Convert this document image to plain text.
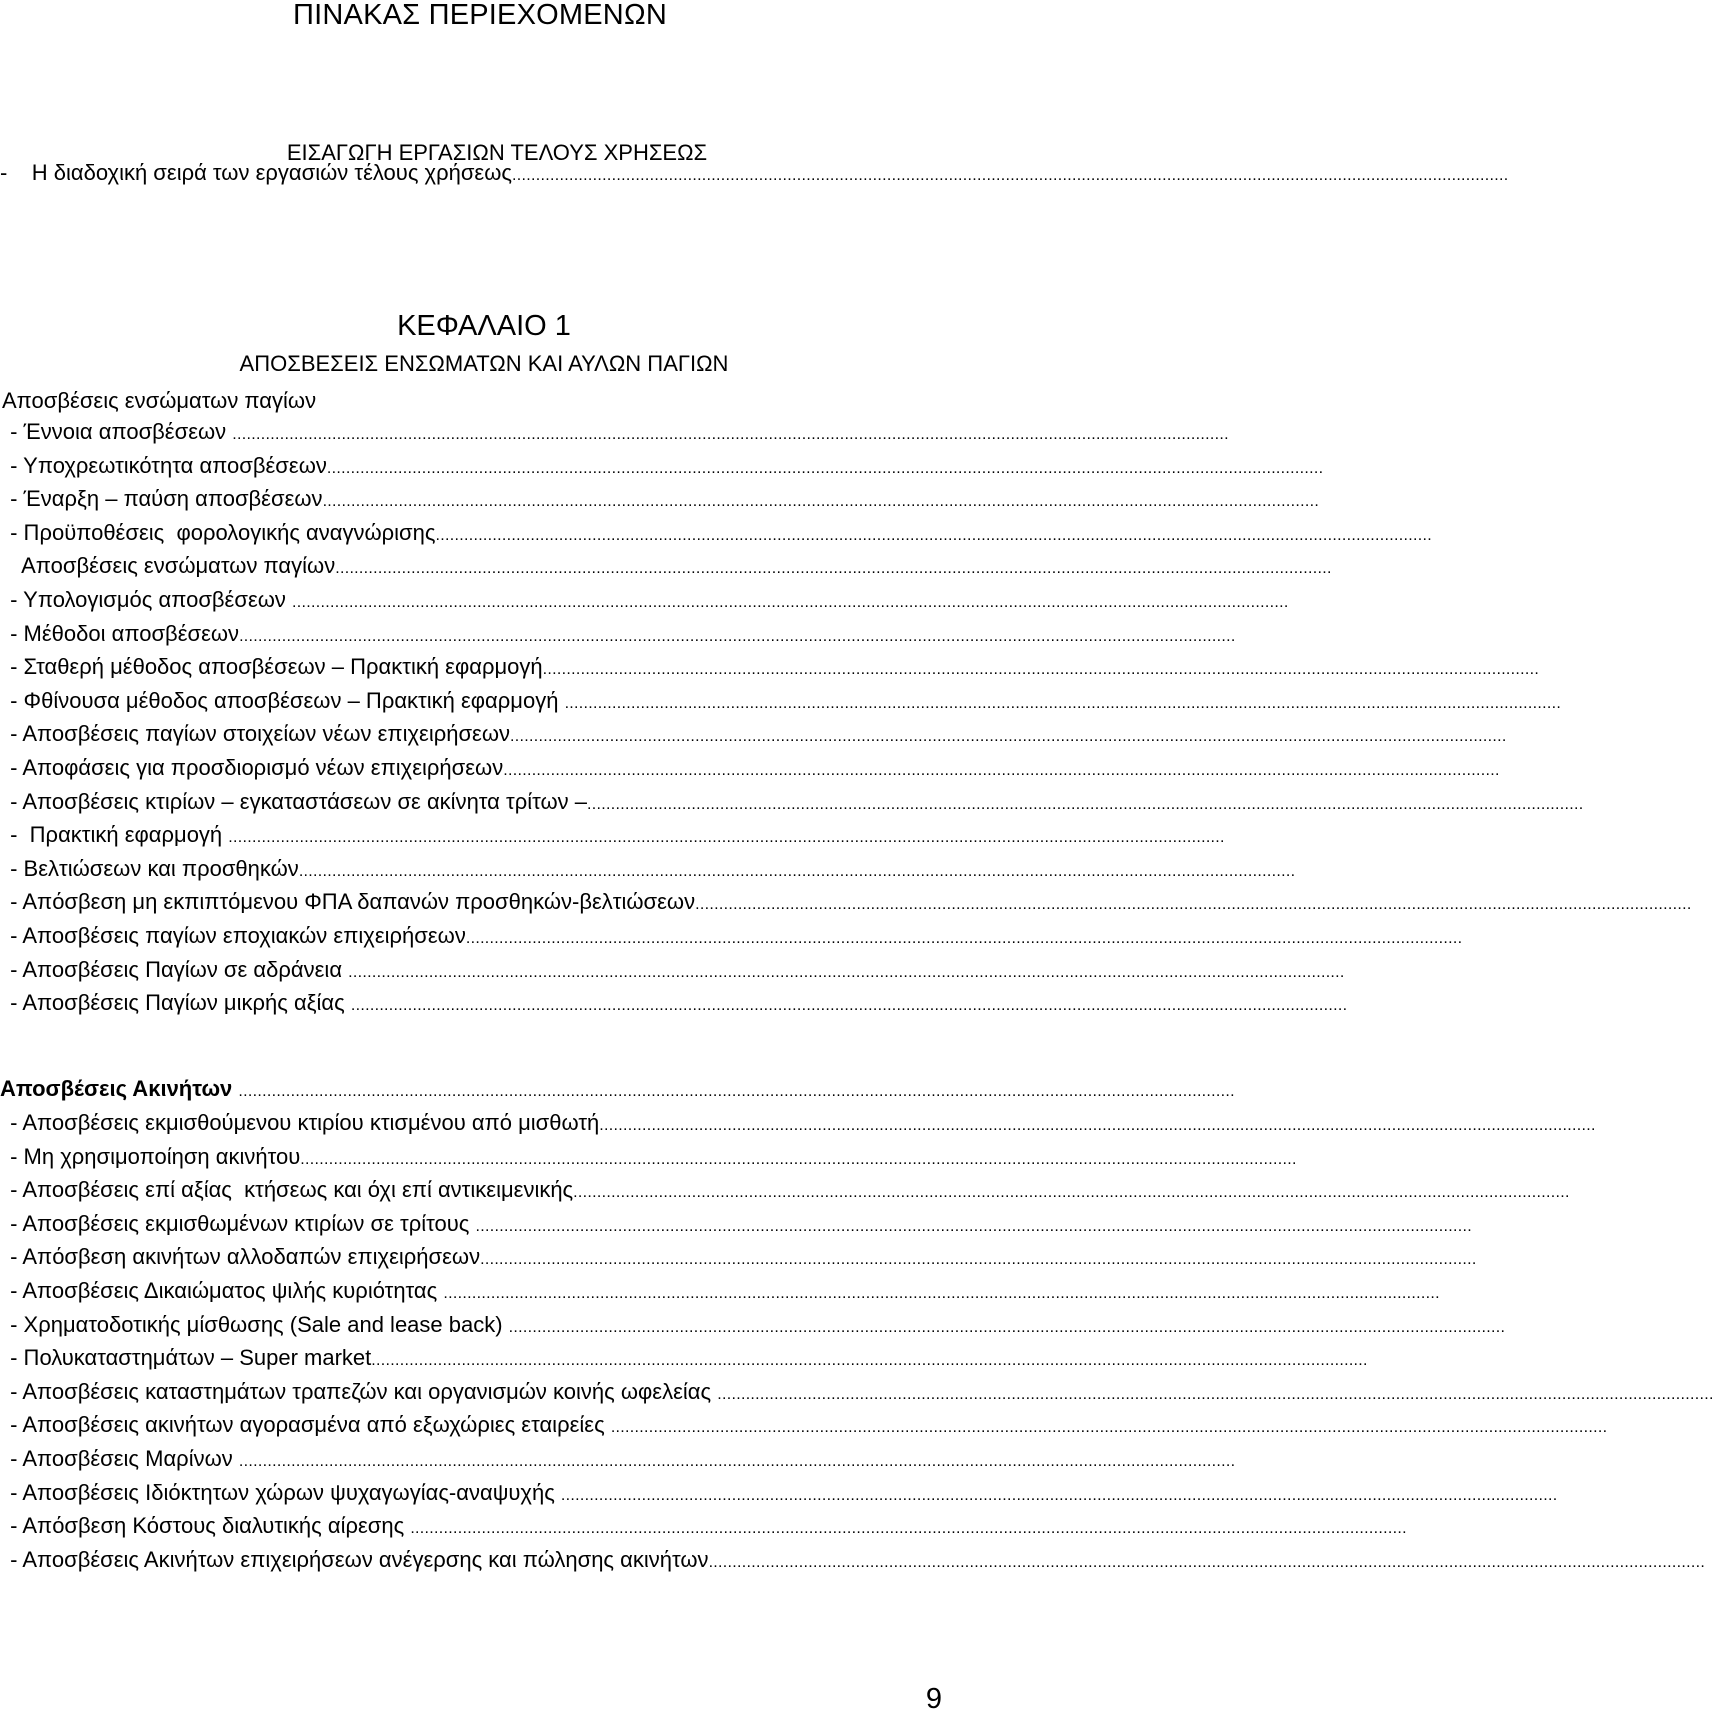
ΠΙΝΑΚΑΣ ΠΕΡΙΕΧΟΜΕΝΩΝ
ΕΙΣΑΓΩΓΗ ΕΡΓΑΣΙΩΝ ΤΕΛΟΥΣ ΧΡΗΣΕΩΣ
-    Η διαδοχική σειρά των εργασιών τέλους χρήσεως ..................................................................................................................................................................................................................
ΚΕΦΑΛΑΙΟ 1
ΑΠΟΣΒΕΣΕΙΣ ΕΝΣΩΜΑΤΩΝ ΚΑΙ ΑΥΛΩΝ ΠΑΓΙΩΝ
Αποσβέσεις ενσώματων παγίων
- Έννοια αποσβέσεων ..................................................................................................................................................................................................................
- Υποχρεωτικότητα αποσβέσεων ..................................................................................................................................................................................................................
- Έναρξη – παύση αποσβέσεων ..................................................................................................................................................................................................................
- Προϋποθέσεις  φορολογικής αναγνώρισης ..................................................................................................................................................................................................................
Αποσβέσεις ενσώματων παγίων ..................................................................................................................................................................................................................
- Υπολογισμός αποσβέσεων ..................................................................................................................................................................................................................
- Μέθοδοι αποσβέσεων ..................................................................................................................................................................................................................
- Σταθερή μέθοδος αποσβέσεων – Πρακτική εφαρμογή ..................................................................................................................................................................................................................
- Φθίνουσα μέθοδος αποσβέσεων – Πρακτική εφαρμογή ..................................................................................................................................................................................................................
- Αποσβέσεις παγίων στοιχείων νέων επιχειρήσεων ..................................................................................................................................................................................................................
- Αποφάσεις για προσδιορισμό νέων επιχειρήσεων ..................................................................................................................................................................................................................
- Αποσβέσεις κτιρίων – εγκαταστάσεων σε ακίνητα τρίτων – ..................................................................................................................................................................................................................
-  Πρακτική εφαρμογή ..................................................................................................................................................................................................................
- Βελτιώσεων και προσθηκών ..................................................................................................................................................................................................................
- Απόσβεση μη εκπιπτόμενου ΦΠΑ δαπανών προσθηκών-βελτιώσεων ..................................................................................................................................................................................................................
- Αποσβέσεις παγίων εποχιακών επιχειρήσεων ..................................................................................................................................................................................................................
- Αποσβέσεις Παγίων σε αδράνεια ..................................................................................................................................................................................................................
- Αποσβέσεις Παγίων μικρής αξίας ..................................................................................................................................................................................................................
Αποσβέσεις Ακινήτων ..................................................................................................................................................................................................................
- Αποσβέσεις εκμισθούμενου κτιρίου κτισμένου από μισθωτή ..................................................................................................................................................................................................................
- Μη χρησιμοποίηση ακινήτου ..................................................................................................................................................................................................................
- Αποσβέσεις επί αξίας  κτήσεως και όχι επί αντικειμενικής ..................................................................................................................................................................................................................
- Αποσβέσεις εκμισθωμένων κτιρίων σε τρίτους ..................................................................................................................................................................................................................
- Απόσβεση ακινήτων αλλοδαπών επιχειρήσεων ..................................................................................................................................................................................................................
- Αποσβέσεις Δικαιώματος ψιλής κυριότητας ..................................................................................................................................................................................................................
- Χρηματοδοτικής μίσθωσης (Sale and lease back) ..................................................................................................................................................................................................................
- Πολυκαταστημάτων – Super market ..................................................................................................................................................................................................................
- Αποσβέσεις καταστημάτων τραπεζών και οργανισμών κοινής ωφελείας ..................................................................................................................................................................................................................
- Αποσβέσεις ακινήτων αγορασμένα από εξωχώριες εταιρείες ..................................................................................................................................................................................................................
- Αποσβέσεις Μαρίνων ..................................................................................................................................................................................................................
- Αποσβέσεις Ιδιόκτητων χώρων ψυχαγωγίας-αναψυχής ..................................................................................................................................................................................................................
- Απόσβεση Κόστους διαλυτικής αίρεσης ..................................................................................................................................................................................................................
- Αποσβέσεις Ακινήτων επιχειρήσεων ανέγερσης και πώλησης ακινήτων ..................................................................................................................................................................................................................
9
